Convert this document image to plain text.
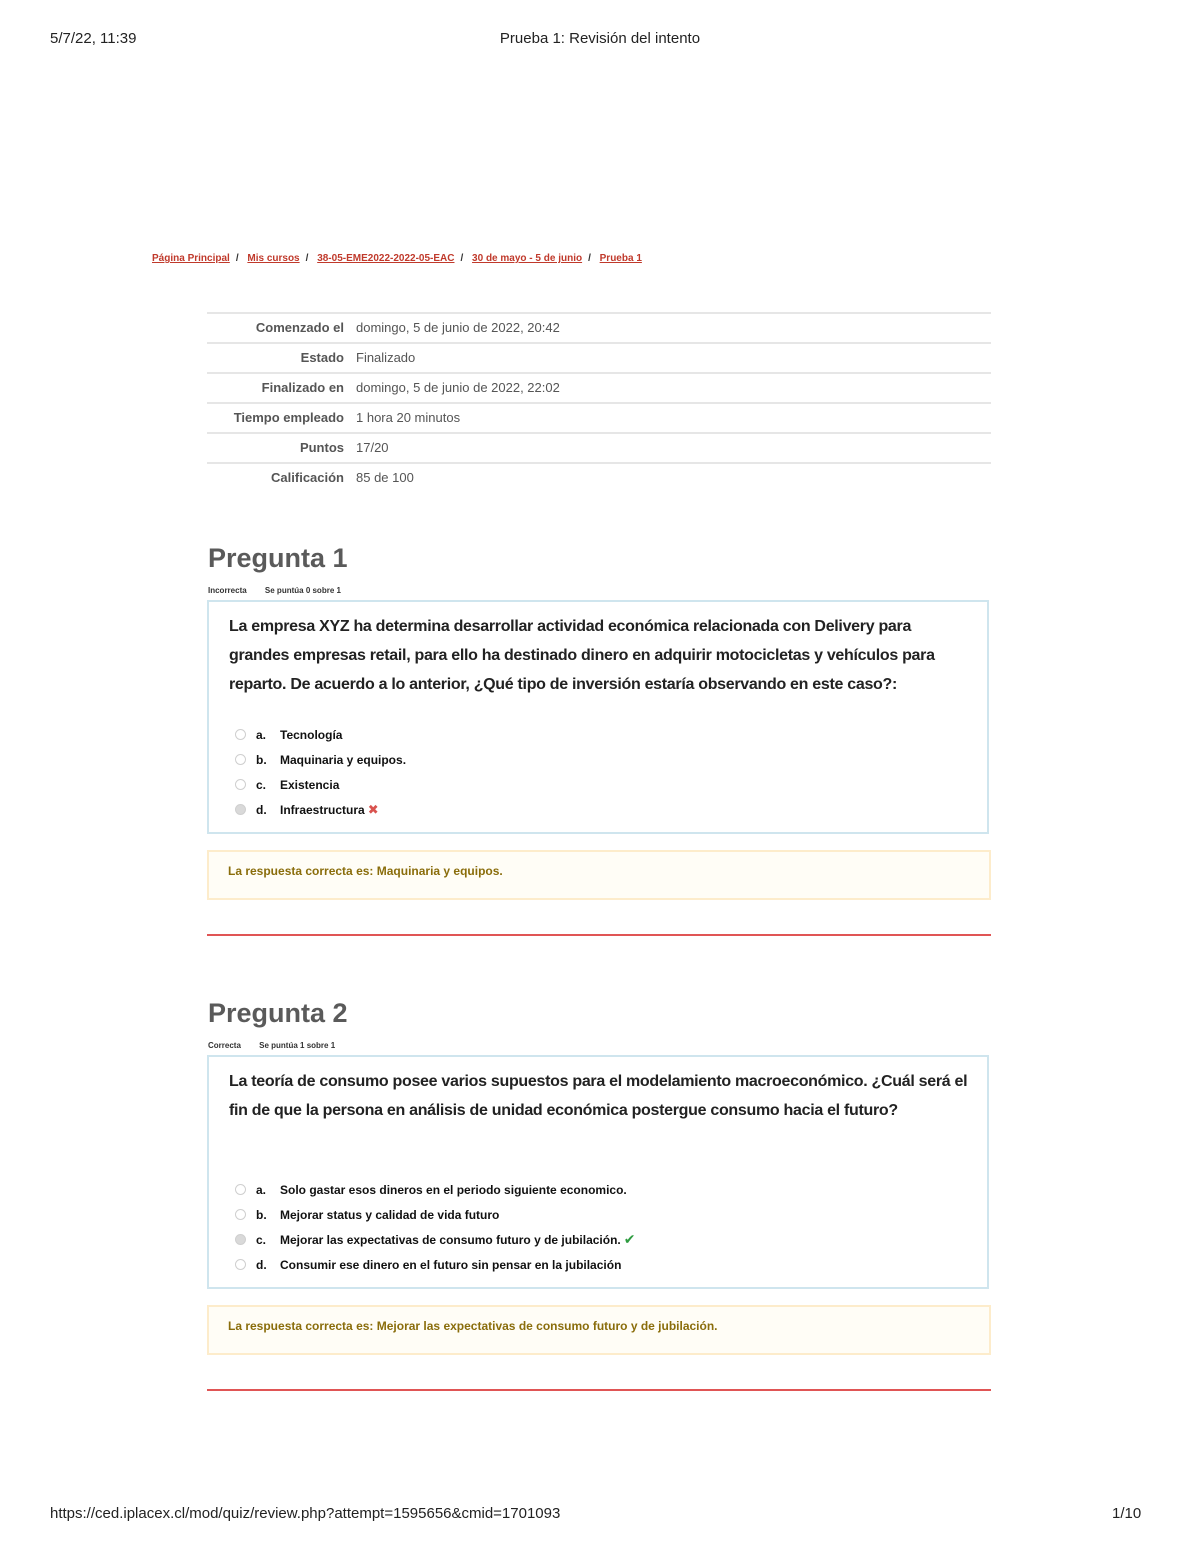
5/7/22, 11:39	Prueba 1: Revisión del intento
Página Principal / Mis cursos / 38-05-EME2022-2022-05-EAC / 30 de mayo - 5 de junio / Prueba 1
Comenzado el	domingo, 5 de junio de 2022, 20:42
Estado	Finalizado
Finalizado en	domingo, 5 de junio de 2022, 22:02
Tiempo empleado	1 hora 20 minutos
Puntos	17/20
Calificación	85 de 100
Pregunta 1
Incorrecta Se puntúa 0 sobre 1
La empresa XYZ ha determina desarrollar actividad económica relacionada con Delivery para grandes empresas retail, para ello ha destinado dinero en adquirir motocicletas y vehículos para reparto. De acuerdo a lo anterior, ¿Qué tipo de inversión estaría observando en este caso?:
a.	Tecnología
b.	Maquinaria y equipos.
c.	Existencia
d.	Infraestructura ✖
La respuesta correcta es: Maquinaria y equipos.
Pregunta 2
Correcta Se puntúa 1 sobre 1
La teoría de consumo posee varios supuestos para el modelamiento macroeconómico. ¿Cuál será el fin de que la persona en análisis de unidad económica postergue consumo hacia el futuro?
a.	Solo gastar esos dineros en el periodo siguiente economico.
b.	Mejorar status y calidad de vida futuro
c.	Mejorar las expectativas de consumo futuro y de jubilación. ✔
d.	Consumir ese dinero en el futuro sin pensar en la jubilación
La respuesta correcta es: Mejorar las expectativas de consumo futuro y de jubilación.
https://ced.iplacex.cl/mod/quiz/review.php?attempt=1595656&cmid=1701093	1/10
